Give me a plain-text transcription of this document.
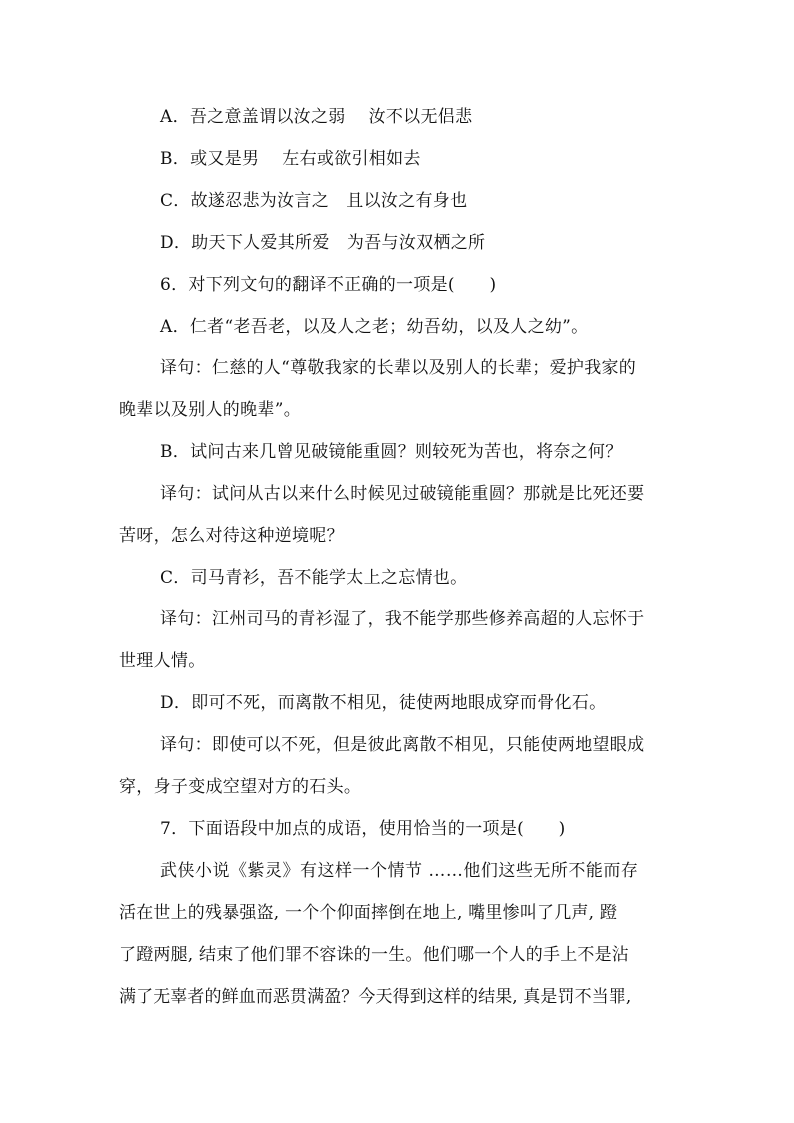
A．吾之意盖谓以汝之弱　 汝不以无侣悲
B．或又是男　 左右或欲引相如去
C．故遂忍悲为汝言之　且以汝之有身也
D．助天下人爱其所爱　为吾与汝双栖之所
6．对下列文句的翻译不正确的一项是(　　)
A．仁者“老吾老，以及人之老；幼吾幼，以及人之幼”。
译句：仁慈的人“尊敬我家的长辈以及别人的长辈；爱护我家的
晚辈以及别人的晚辈”。
B．试问古来几曾见破镜能重圆？则较死为苦也，将奈之何？
译句：试问从古以来什么时候见过破镜能重圆？那就是比死还要
苦呀，怎么对待这种逆境呢？
C．司马青衫，吾不能学太上之忘情也。
译句：江州司马的青衫湿了，我不能学那些修养高超的人忘怀于
世理人情。
D．即可不死，而离散不相见，徒使两地眼成穿而骨化石。
译句：即使可以不死，但是彼此离散不相见，只能使两地望眼成
穿，身子变成空望对方的石头。
7．下面语段中加点的成语，使用恰当的一项是(　　)
武侠小说《紫灵》有这样一个情节 ……他们这些无所不能而存
活在世上的残暴强盗, 一个个仰面摔倒在地上, 嘴里惨叫了几声, 蹬
了蹬两腿, 结束了他们罪不容诛的一生。他们哪一个人的手上不是沾
满了无辜者的鲜血而恶贯满盈？今天得到这样的结果, 真是罚不当罪,
